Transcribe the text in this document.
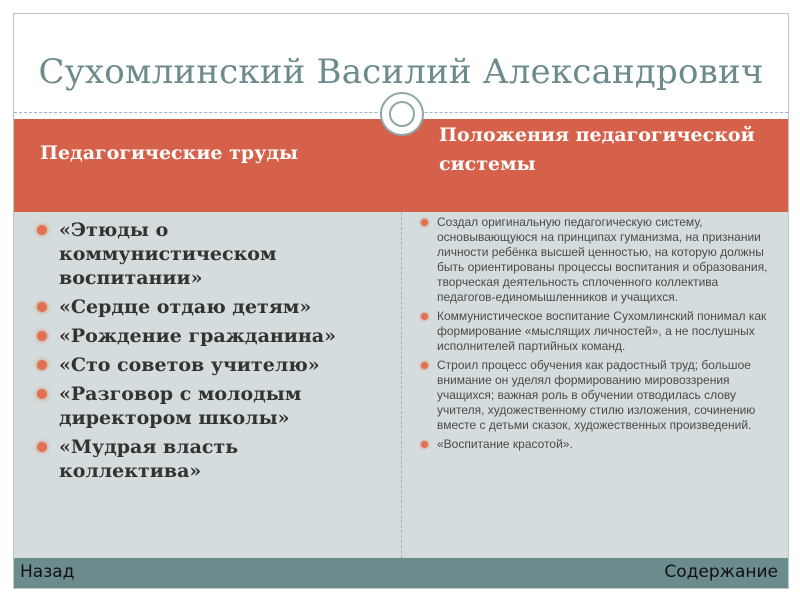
Сухомлинский Василий Александрович
Педагогические труды
Положения педагогической системы
«Этюды о коммунистическом воспитании»
«Сердце отдаю детям»
«Рождение гражданина»
«Сто советов учителю»
«Разговор с молодым директором школы»
«Мудрая власть коллектива»
Создал оригинальную педагогическую систему, основывающуюся на принципах гуманизма, на признании личности ребёнка высшей ценностью, на которую должны быть ориентированы процессы воспитания и образования, творческая деятельность сплоченного коллектива педагогов-единомышленников и учащихся.
Коммунистическое воспитание Сухомлинский понимал как формирование «мыслящих личностей», а не послушных исполнителей партийных команд.
Строил процесс обучения как радостный труд; большое внимание он уделял формированию мировоззрения учащихся; важная роль в обучении отводилась слову учителя, художественному стилю изложения, сочинению вместе с детьми сказок, художественных произведений.
«Воспитание красотой».
Назад	Содержание
